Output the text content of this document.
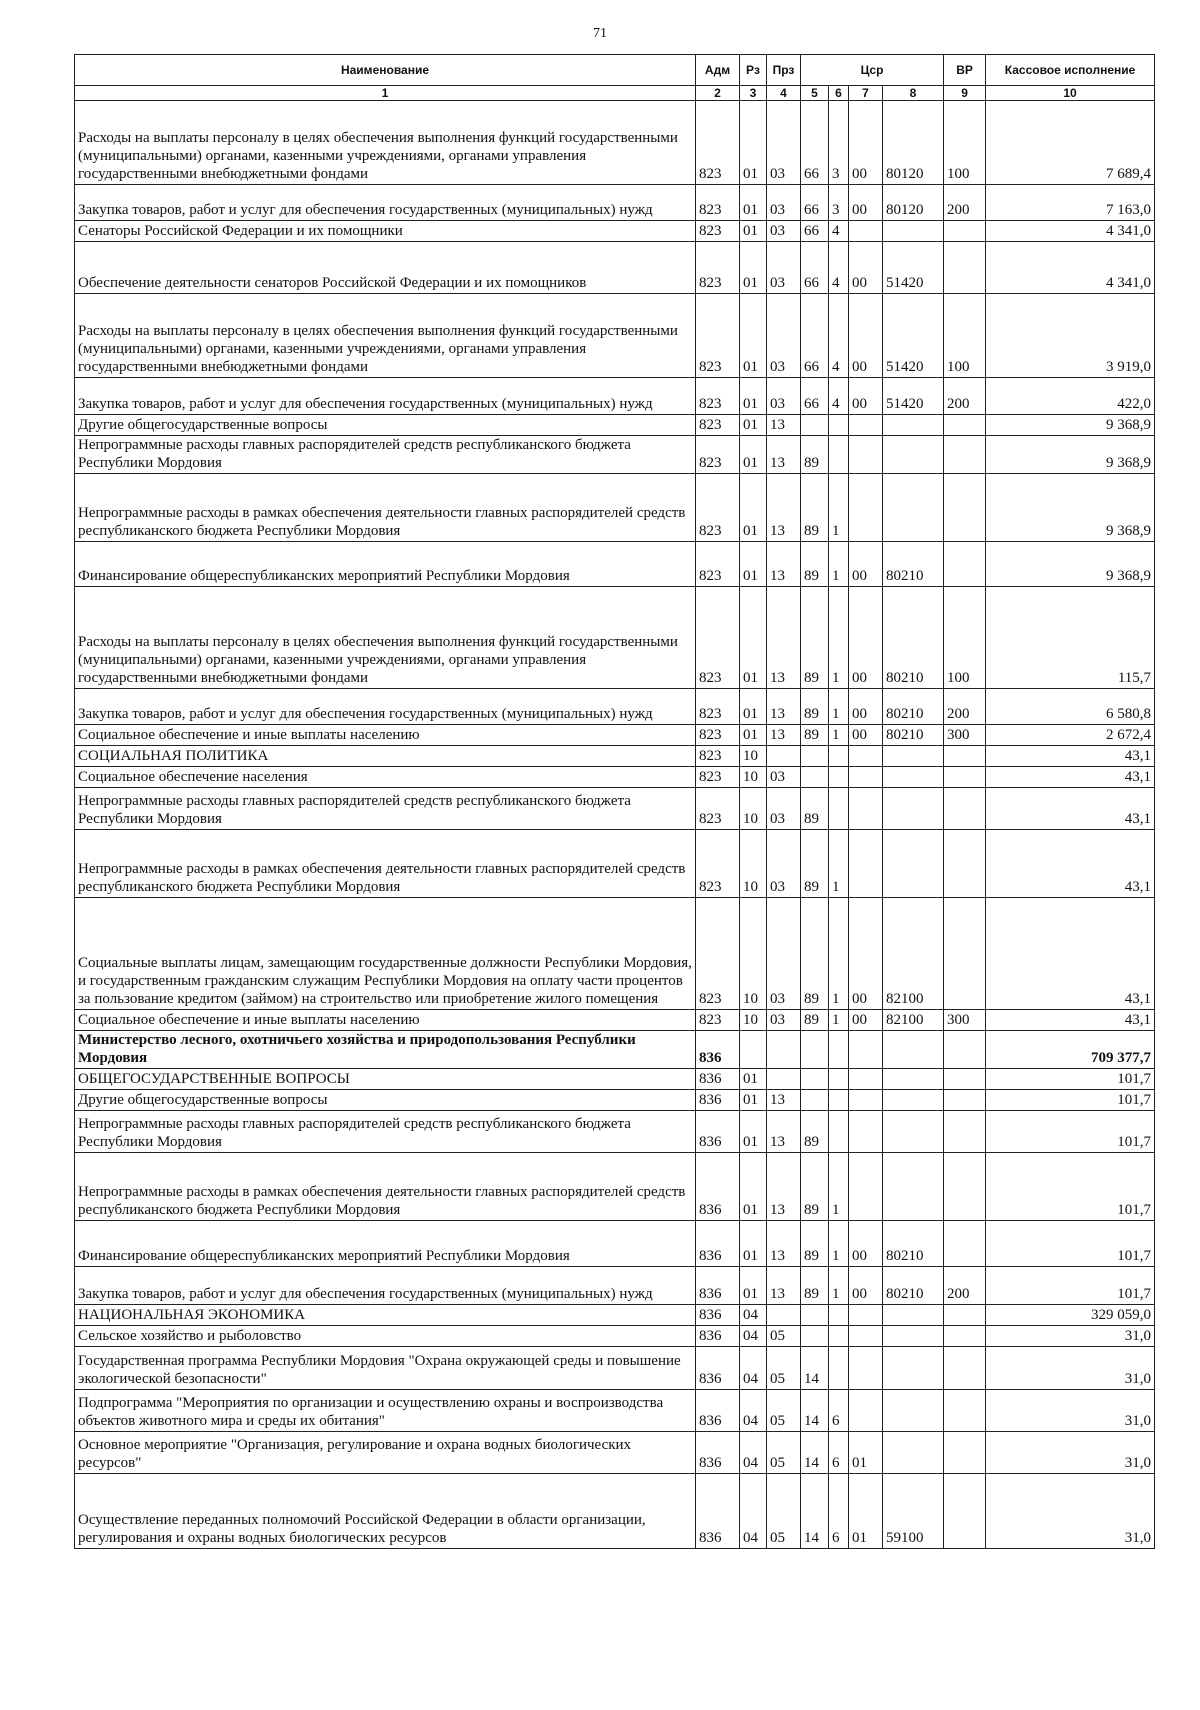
71
Наименование	Адм	Рз	Прз	Цср				ВР	Кассовое исполнение
1	2	3	4	5	6	7	8	9	10
Расходы на выплаты персоналу в целях обеспечения выполнения функций государственными (муниципальными) органами, казенными учреждениями, органами управления государственными внебюджетными фондами	823	01	03	66	3	00	80120	100	7 689,4
Закупка товаров, работ и услуг для обеспечения государственных (муниципальных) нужд	823	01	03	66	3	00	80120	200	7 163,0
Сенаторы Российской Федерации и их помощники	823	01	03	66	4				4 341,0
Обеспечение деятельности сенаторов Российской Федерации и их помощников	823	01	03	66	4	00	51420		4 341,0
Расходы на выплаты персоналу в целях обеспечения выполнения функций государственными (муниципальными) органами, казенными учреждениями, органами управления государственными внебюджетными фондами	823	01	03	66	4	00	51420	100	3 919,0
Закупка товаров, работ и услуг для обеспечения государственных (муниципальных) нужд	823	01	03	66	4	00	51420	200	422,0
Другие общегосударственные вопросы	823	01	13						9 368,9
Непрограммные расходы главных распорядителей средств республиканского бюджета Республики Мордовия	823	01	13	89					9 368,9
Непрограммные расходы в рамках обеспечения деятельности главных распорядителей средств республиканского бюджета Республики Мордовия	823	01	13	89	1				9 368,9
Финансирование общереспубликанских мероприятий Республики Мордовия	823	01	13	89	1	00	80210		9 368,9
Расходы на выплаты персоналу в целях обеспечения выполнения функций государственными (муниципальными) органами, казенными учреждениями, органами управления государственными внебюджетными фондами	823	01	13	89	1	00	80210	100	115,7
Закупка товаров, работ и услуг для обеспечения государственных (муниципальных) нужд	823	01	13	89	1	00	80210	200	6 580,8
Социальное обеспечение и иные выплаты населению	823	01	13	89	1	00	80210	300	2 672,4
СОЦИАЛЬНАЯ ПОЛИТИКА	823	10							43,1
Социальное обеспечение населения	823	10	03						43,1
Непрограммные расходы главных распорядителей средств республиканского бюджета Республики Мордовия	823	10	03	89					43,1
Непрограммные расходы в рамках обеспечения деятельности главных распорядителей средств республиканского бюджета Республики Мордовия	823	10	03	89	1				43,1
Социальные выплаты лицам, замещающим государственные должности Республики Мордовия, и государственным гражданским служащим Республики Мордовия на оплату части процентов за пользование кредитом (займом) на строительство или приобретение жилого помещения	823	10	03	89	1	00	82100		43,1
Социальное обеспечение и иные выплаты населению	823	10	03	89	1	00	82100	300	43,1
Министерство лесного, охотничьего хозяйства и природопользования Республики Мордовия	836								709 377,7
ОБЩЕГОСУДАРСТВЕННЫЕ ВОПРОСЫ	836	01							101,7
Другие общегосударственные вопросы	836	01	13						101,7
Непрограммные расходы главных распорядителей средств республиканского бюджета Республики Мордовия	836	01	13	89					101,7
Непрограммные расходы в рамках обеспечения деятельности главных распорядителей средств республиканского бюджета Республики Мордовия	836	01	13	89	1				101,7
Финансирование общереспубликанских мероприятий Республики Мордовия	836	01	13	89	1	00	80210		101,7
Закупка товаров, работ и услуг для обеспечения государственных (муниципальных) нужд	836	01	13	89	1	00	80210	200	101,7
НАЦИОНАЛЬНАЯ ЭКОНОМИКА	836	04							329 059,0
Сельское хозяйство и рыболовство	836	04	05						31,0
Государственная программа Республики Мордовия "Охрана окружающей среды и повышение экологической безопасности"	836	04	05	14					31,0
Подпрограмма "Мероприятия по организации и осуществлению охраны и воспроизводства объектов животного мира и среды их обитания"	836	04	05	14	6				31,0
Основное мероприятие "Организация, регулирование и охрана водных биологических ресурсов"	836	04	05	14	6	01			31,0
Осуществление переданных полномочий Российской Федерации в области организации, регулирования и охраны водных биологических ресурсов	836	04	05	14	6	01	59100		31,0
